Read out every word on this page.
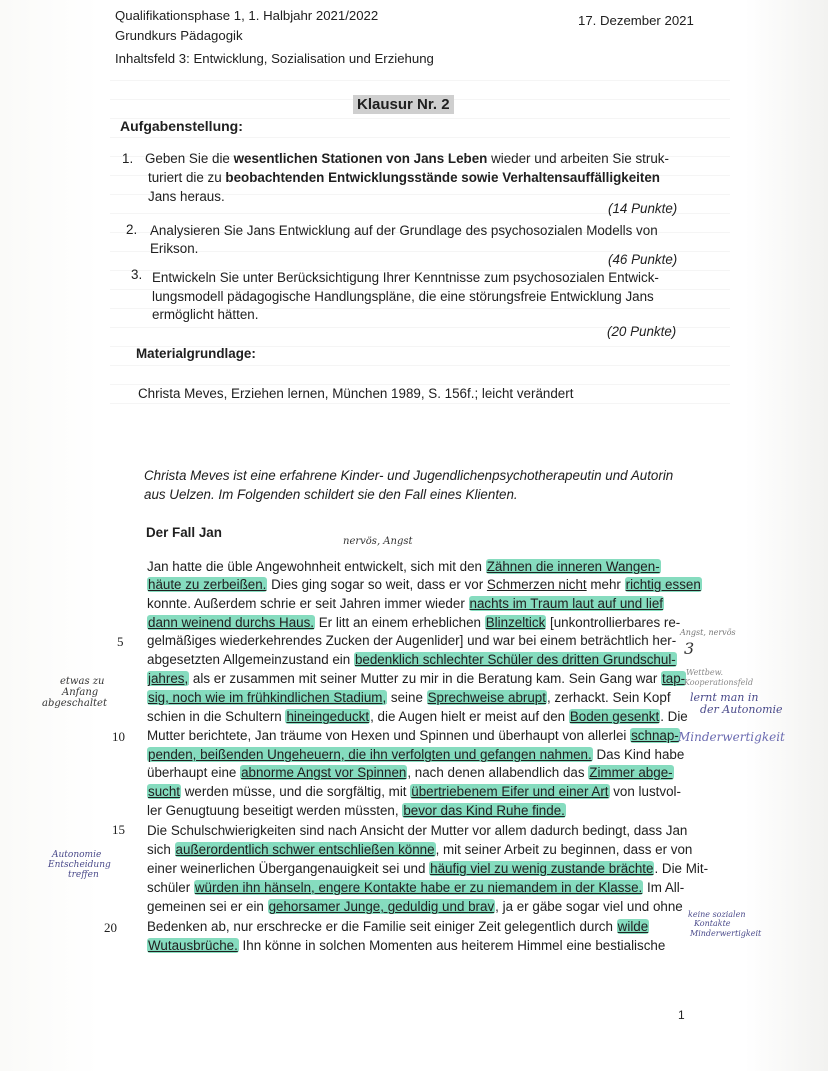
Qualifikationsphase 1, 1. Halbjahr 2021/2022
Grundkurs Pädagogik
Inhaltsfeld 3: Entwicklung, Sozialisation und Erziehung
17. Dezember 2021
Klausur Nr. 2
Aufgabenstellung:
1. Geben Sie die wesentlichen Stationen von Jans Leben wieder und arbeiten Sie struk-
turiert die zu beobachtenden Entwicklungsstände sowie Verhaltensauffälligkeiten
Jans heraus.
(14 Punkte)
2. Analysieren Sie Jans Entwicklung auf der Grundlage des psychosozialen Modells von
Erikson.
(46 Punkte)
3. Entwickeln Sie unter Berücksichtigung Ihrer Kenntnisse zum psychosozialen Entwick-
lungsmodell pädagogische Handlungspläne, die eine störungsfreie Entwicklung Jans
ermöglicht hätten.
(20 Punkte)
Materialgrundlage:
Christa Meves, Erziehen lernen, München 1989, S. 156f.; leicht verändert
Christa Meves ist eine erfahrene Kinder- und Jugendlichenpsychotherapeutin und Autorin
aus Uelzen. Im Folgenden schildert sie den Fall eines Klienten.
Der Fall Jan
Jan hatte die üble Angewohnheit entwickelt, sich mit den Zähnen die inneren Wangen-
häute zu zerbeißen. Dies ging sogar so weit, dass er vor Schmerzen nicht mehr richtig essen
konnte. Außerdem schrie er seit Jahren immer wieder nachts im Traum laut auf und lief
dann weinend durchs Haus. Er litt an einem erheblichen Blinzeltick [unkontrollierbares re-
gelmäßiges wiederkehrendes Zucken der Augenlider] und war bei einem beträchtlich her-
abgesetzten Allgemeinzustand ein bedenklich schlechter Schüler des dritten Grundschul-
jahres, als er zusammen mit seiner Mutter zu mir in die Beratung kam. Sein Gang war tap-
sig, noch wie im frühkindlichen Stadium, seine Sprechweise abrupt, zerhackt. Sein Kopf
schien in die Schultern hineingeduckt, die Augen hielt er meist auf den Boden gesenkt. Die
Mutter berichtete, Jan träume von Hexen und Spinnen und überhaupt von allerlei schnap-
penden, beißenden Ungeheuern, die ihn verfolgten und gefangen nahmen. Das Kind habe
überhaupt eine abnorme Angst vor Spinnen, nach denen allabendlich das Zimmer abge-
sucht werden müsse, und die sorgfältig, mit übertriebenem Eifer und einer Art von lustvol-
ler Genugtuung beseitigt werden müssten, bevor das Kind Ruhe finde.
Die Schulschwierigkeiten sind nach Ansicht der Mutter vor allem dadurch bedingt, dass Jan
sich außerordentlich schwer entschließen könne, mit seiner Arbeit zu beginnen, dass er von
einer weinerlichen Übergangenauigkeit sei und häufig viel zu wenig zustande brächte. Die Mit-
schüler würden ihn hänseln, engere Kontakte habe er zu niemandem in der Klasse. Im All-
gemeinen sei er ein gehorsamer Junge, geduldig und brav, ja er gäbe sogar viel und ohne
Bedenken ab, nur erschrecke er die Familie seit einiger Zeit gelegentlich durch wilde
Wutausbrüche. Ihn könne in solchen Momenten aus heiterem Himmel eine bestialische
5
10
15
20
nervös, Angst
Angst, nervös
3
etwas zu
Anfang
abgeschaltet
Wettbew.
Kooperationsfeld
lernt man in
der Autonomie
Minderwertigkeit
Autonomie
Entscheidung
treffen
keine sozialen
Kontakte
Minderwertigkeit
1
